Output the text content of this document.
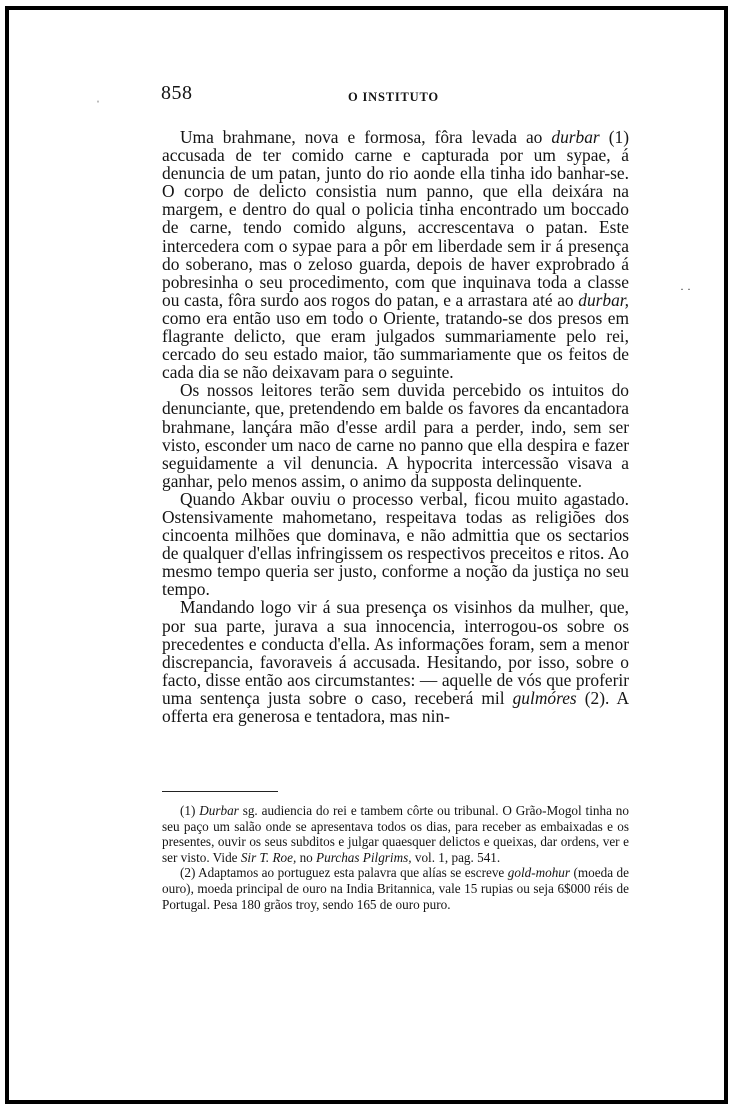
858	O INSTITUTO

Uma brahmane, nova e formosa, fôra levada ao durbar (1) accusada de ter comido carne e capturada por um sypae, á denuncia de um patan, junto do rio aonde ella tinha ido banhar-se. O corpo de delicto consistia num panno, que ella deixára na margem, e dentro do qual o policia tinha encontrado um boccado de carne, tendo comido alguns, accrescentava o patan. Este intercedera com o sypae para a pôr em liberdade sem ir á presença do soberano, mas o zeloso guarda, depois de haver exprobrado á pobresinha o seu procedimento, com que inquinava toda a classe ou casta, fôra surdo aos rogos do patan, e a arrastara até ao durbar, como era então uso em todo o Oriente, tratando-se dos presos em flagrante delicto, que eram julgados summariamente pelo rei, cercado do seu estado maior, tão summariamente que os feitos de cada dia se não deixavam para o seguinte.

Os nossos leitores terão sem duvida percebido os intuitos do denunciante, que, pretendendo em balde os favores da encantadora brahmane, lançára mão d'esse ardil para a perder, indo, sem ser visto, esconder um naco de carne no panno que ella despira e fazer seguidamente a vil denuncia. A hypocrita intercessão visava a ganhar, pelo menos assim, o animo da supposta delinquente.

Quando Akbar ouviu o processo verbal, ficou muito agastado. Ostensivamente mahometano, respeitava todas as religiões dos cincoenta milhões que dominava, e não admittia que os sectarios de qualquer d'ellas infringissem os respectivos preceitos e ritos. Ao mesmo tempo queria ser justo, conforme a noção da justiça no seu tempo.

Mandando logo vir á sua presença os visinhos da mulher, que, por sua parte, jurava a sua innocencia, interrogou-os sobre os precedentes e conducta d'ella. As informações foram, sem a menor discrepancia, favoraveis á accusada. Hesitando, por isso, sobre o facto, disse então aos circumstantes: — aquelle de vós que proferir uma sentença justa sobre o caso, receberá mil gulmóres (2). A offerta era generosa e tentadora, mas nin-

(1) Durbar sg. audiencia do rei e tambem côrte ou tribunal. O Grão-Mogol tinha no seu paço um salão onde se apresentava todos os dias, para receber as embaixadas e os presentes, ouvir os seus subditos e julgar quaesquer delictos e queixas, dar ordens, ver e ser visto. Vide Sir T. Roe, no Purchas Pilgrims, vol. 1, pag. 541.

(2) Adaptamos ao portuguez esta palavra que alías se escreve gold-mohur (moeda de ouro), moeda principal de ouro na India Britannica, vale 15 rupias ou seja 6$000 réis de Portugal. Pesa 180 grãos troy, sendo 165 de ouro puro.

ˈ
· ·
